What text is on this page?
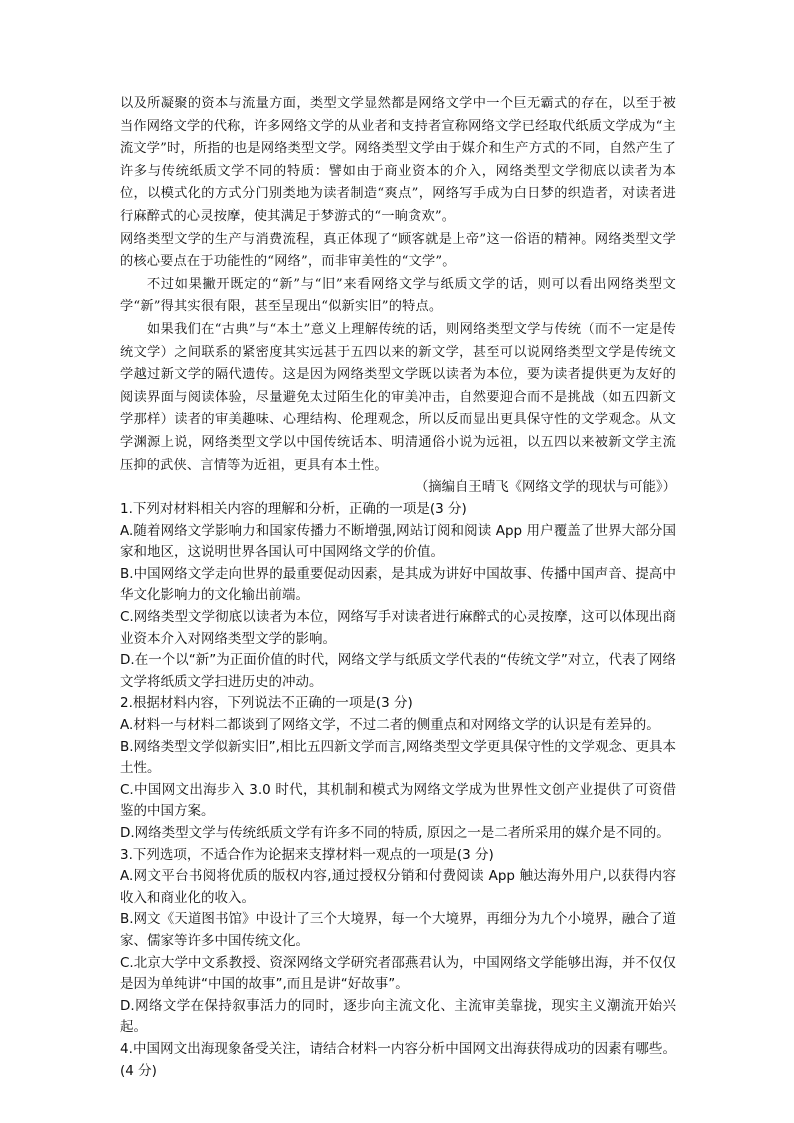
以及所凝聚的资本与流量方面，类型文学显然都是网络文学中一个巨无霸式的存在，以至于被当作网络文学的代称，许多网络文学的从业者和支持者宣称网络文学已经取代纸质文学成为“主流文学”时，所指的也是网络类型文学。网络类型文学由于媒介和生产方式的不同，自然产生了许多与传统纸质文学不同的特质：譬如由于商业资本的介入，网络类型文学彻底以读者为本位，以模式化的方式分门别类地为读者制造“爽点”，网络写手成为白日梦的织造者，对读者进行麻醉式的心灵按摩，使其满足于梦游式的“一晌贪欢”。

网络类型文学的生产与消费流程，真正体现了“顾客就是上帝”这一俗语的精神。网络类型文学的核心要点在于功能性的“网络”，而非审美性的“文学”。

不过如果撇开既定的“新”与“旧”来看网络文学与纸质文学的话，则可以看出网络类型文学“新”得其实很有限，甚至呈现出“似新实旧”的特点。

如果我们在“古典”与“本土”意义上理解传统的话，则网络类型文学与传统（而不一定是传统文学）之间联系的紧密度其实远甚于五四以来的新文学，甚至可以说网络类型文学是传统文学越过新文学的隔代遗传。这是因为网络类型文学既以读者为本位，要为读者提供更为友好的阅读界面与阅读体验，尽量避免太过陌生化的审美冲击，自然要迎合而不是挑战（如五四新文学那样）读者的审美趣味、心理结构、伦理观念，所以反而显出更具保守性的文学观念。从文学渊源上说，网络类型文学以中国传统话本、明清通俗小说为远祖，以五四以来被新文学主流压抑的武侠、言情等为近祖，更具有本土性。

（摘编自王晴飞《网络文学的现状与可能》）

1.下列对材料相关内容的理解和分析，正确的一项是(3 分)

A.随着网络文学影响力和国家传播力不断增强,网站订阅和阅读 App 用户覆盖了世界大部分国家和地区，这说明世界各国认可中国网络文学的价值。

B.中国网络文学走向世界的最重要促动因素，是其成为讲好中国故事、传播中国声音、提高中华文化影响力的文化输出前端。

C.网络类型文学彻底以读者为本位，网络写手对读者进行麻醉式的心灵按摩，这可以体现出商业资本介入对网络类型文学的影响。

D.在一个以“新”为正面价值的时代，网络文学与纸质文学代表的“传统文学”对立，代表了网络文学将纸质文学扫进历史的冲动。

2.根据材料内容，下列说法不正确的一项是(3 分)

A.材料一与材料二都谈到了网络文学，不过二者的侧重点和对网络文学的认识是有差异的。

B.网络类型文学似新实旧”,相比五四新文学而言,网络类型文学更具保守性的文学观念、更具本土性。

C.中国网文出海步入 3.0 时代，其机制和模式为网络文学成为世界性文创产业提供了可资借鉴的中国方案。

D.网络类型文学与传统纸质文学有许多不同的特质, 原因之一是二者所采用的媒介是不同的。

3.下列选项，不适合作为论据来支撑材料一观点的一项是(3 分)

A.网文平台书阅将优质的版权内容,通过授权分销和付费阅读 App 触达海外用户,以获得内容收入和商业化的收入。

B.网文《天道图书馆》中设计了三个大境界，每一个大境界，再细分为九个小境界，融合了道家、儒家等许多中国传统文化。

C.北京大学中文系教授、资深网络文学研究者邵燕君认为，中国网络文学能够出海，并不仅仅是因为单纯讲“中国的故事”,而且是讲“好故事”。

D.网络文学在保持叙事活力的同时，逐步向主流文化、主流审美靠拢，现实主义潮流开始兴起。

4.中国网文出海现象备受关注，请结合材料一内容分析中国网文出海获得成功的因素有哪些。(4 分)
